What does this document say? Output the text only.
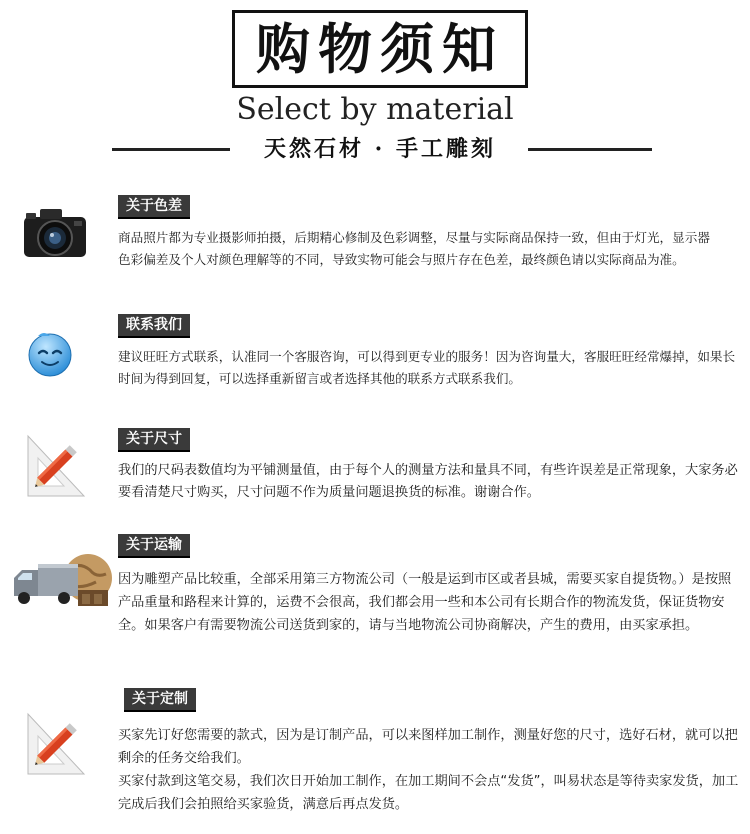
购物须知
Select by material
天然石材 · 手工雕刻
关于色差
商品照片都为专业摄影师拍摄，后期精心修制及色彩调整，尽量与实际商品保持一致，但由于灯光，显示器色彩偏差及个人对颜色理解等的不同，导致实物可能会与照片存在色差，最终颜色请以实际商品为准。
联系我们
建议旺旺方式联系，认准同一个客服咨询，可以得到更专业的服务！因为咨询量大，客服旺旺经常爆掉，如果长时间为得到回复，可以选择重新留言或者选择其他的联系方式联系我们。
关于尺寸
我们的尺码表数值均为平铺测量值，由于每个人的测量方法和量具不同，有些许误差是正常现象，大家务必要看清楚尺寸购买，尺寸问题不作为质量问题退换货的标准。谢谢合作。
关于运输
因为雕塑产品比较重，全部采用第三方物流公司（一般是运到市区或者县城，需要买家自提货物。）是按照产品重量和路程来计算的，运费不会很高，我们都会用一些和本公司有长期合作的物流发货，保证货物安全。如果客户有需要物流公司送货到家的，请与当地物流公司协商解决，产生的费用，由买家承担。
关于定制
买家先订好您需要的款式，因为是订制产品，可以来图样加工制作，测量好您的尺寸，选好石材，就可以把剩余的任务交给我们。
买家付款到这笔交易，我们次日开始加工制作，在加工期间不会点“发货”，叫易状态是等待卖家发货，加工完成后我们会拍照给买家验货，满意后再点发货。
